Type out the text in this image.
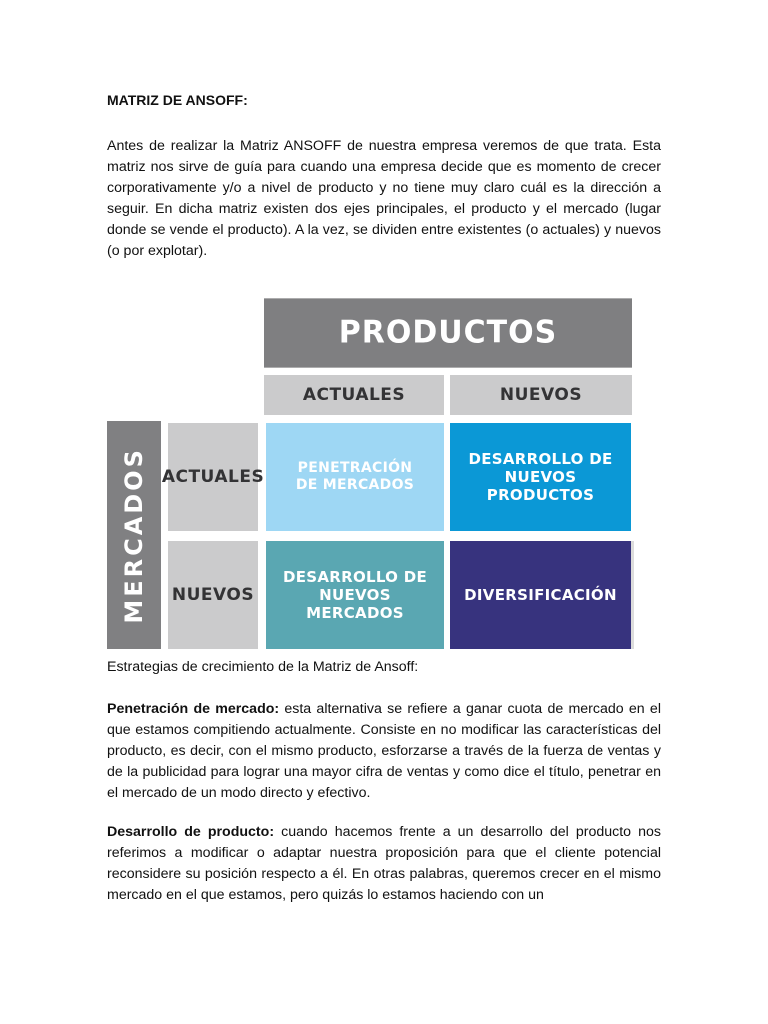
MATRIZ DE ANSOFF:

Antes de realizar la Matriz ANSOFF de nuestra empresa veremos de que trata. Esta matriz nos sirve de guía para cuando una empresa decide que es momento de crecer corporativamente y/o a nivel de producto y no tiene muy claro cuál es la dirección a seguir. En dicha matriz existen dos ejes principales, el producto y el mercado (lugar donde se vende el producto). A la vez, se dividen entre existentes (o actuales) y nuevos (o por explotar).

PRODUCTOS
ACTUALES	NUEVOS
MERCADOS ACTUALES
NUEVOS
PENETRACIÓN
DE MERCADOS
DESARROLLO DE
NUEVOS PRODUCTOS
DESARROLLO DE
NUEVOS MERCADOS
DIVERSIFICACIÓN

Estrategias de crecimiento de la Matriz de Ansoff:

Penetración de mercado: esta alternativa se refiere a ganar cuota de mercado en el que estamos compitiendo actualmente. Consiste en no modificar las características del producto, es decir, con el mismo producto, esforzarse a través de la fuerza de ventas y de la publicidad para lograr una mayor cifra de ventas y como dice el título, penetrar en el mercado de un modo directo y efectivo.

Desarrollo de producto: cuando hacemos frente a un desarrollo del producto nos referimos a modificar o adaptar nuestra proposición para que el cliente potencial reconsidere su posición respecto a él. En otras palabras, queremos crecer en el mismo mercado en el que estamos, pero quizás lo estamos haciendo con un
